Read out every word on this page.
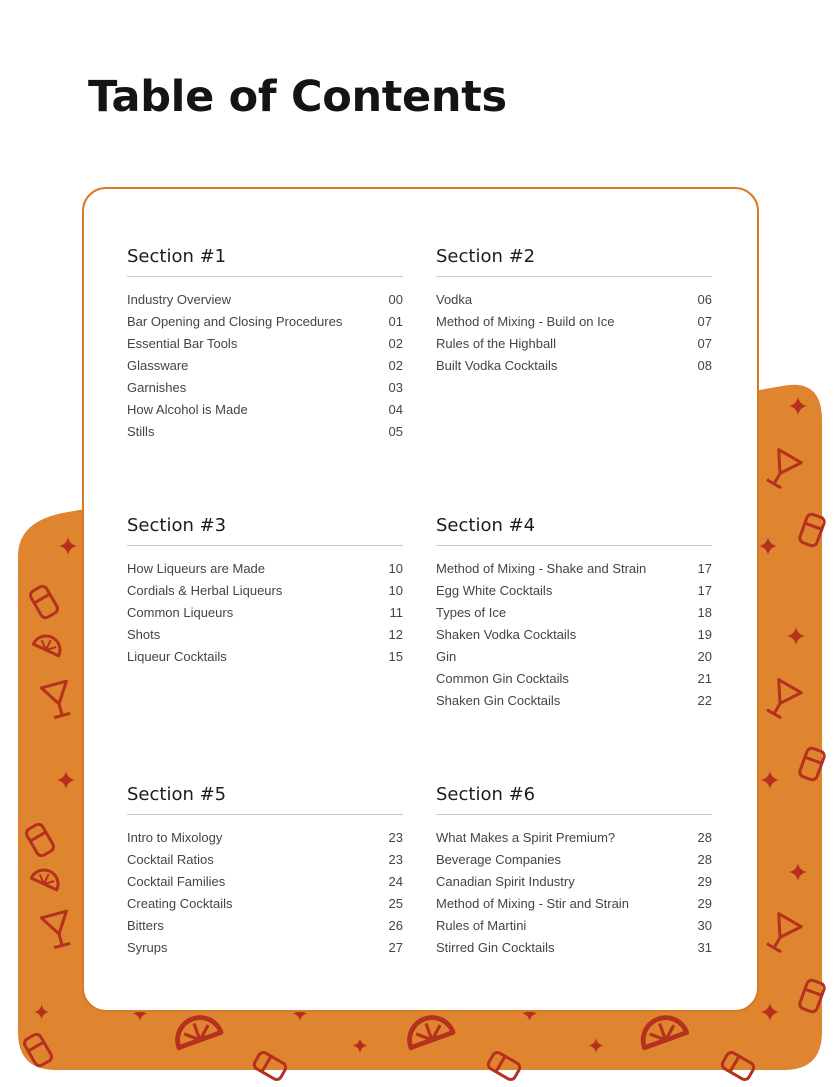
Table of Contents
Section #1
Industry Overview	00
Bar Opening and Closing Procedures	01
Essential Bar Tools	02
Glassware	02
Garnishes	03
How Alcohol is Made	04
Stills	05
Section #2
Vodka	06
Method of Mixing - Build on Ice	07
Rules of the Highball	07
Built Vodka Cocktails	08
Section #3
How Liqueurs are Made	10
Cordials & Herbal Liqueurs	10
Common Liqueurs	11
Shots	12
Liqueur Cocktails	15
Section #4
Method of Mixing - Shake and Strain	17
Egg White Cocktails	17
Types of Ice	18
Shaken Vodka Cocktails	19
Gin	20
Common Gin Cocktails	21
Shaken Gin Cocktails	22
Section #5
Intro to Mixology	23
Cocktail Ratios	23
Cocktail Families	24
Creating Cocktails	25
Bitters	26
Syrups	27
Section #6
What Makes a Spirit Premium?	28
Beverage Companies	28
Canadian Spirit Industry	29
Method of Mixing - Stir and Strain	29
Rules of Martini	30
Stirred Gin Cocktails	31
